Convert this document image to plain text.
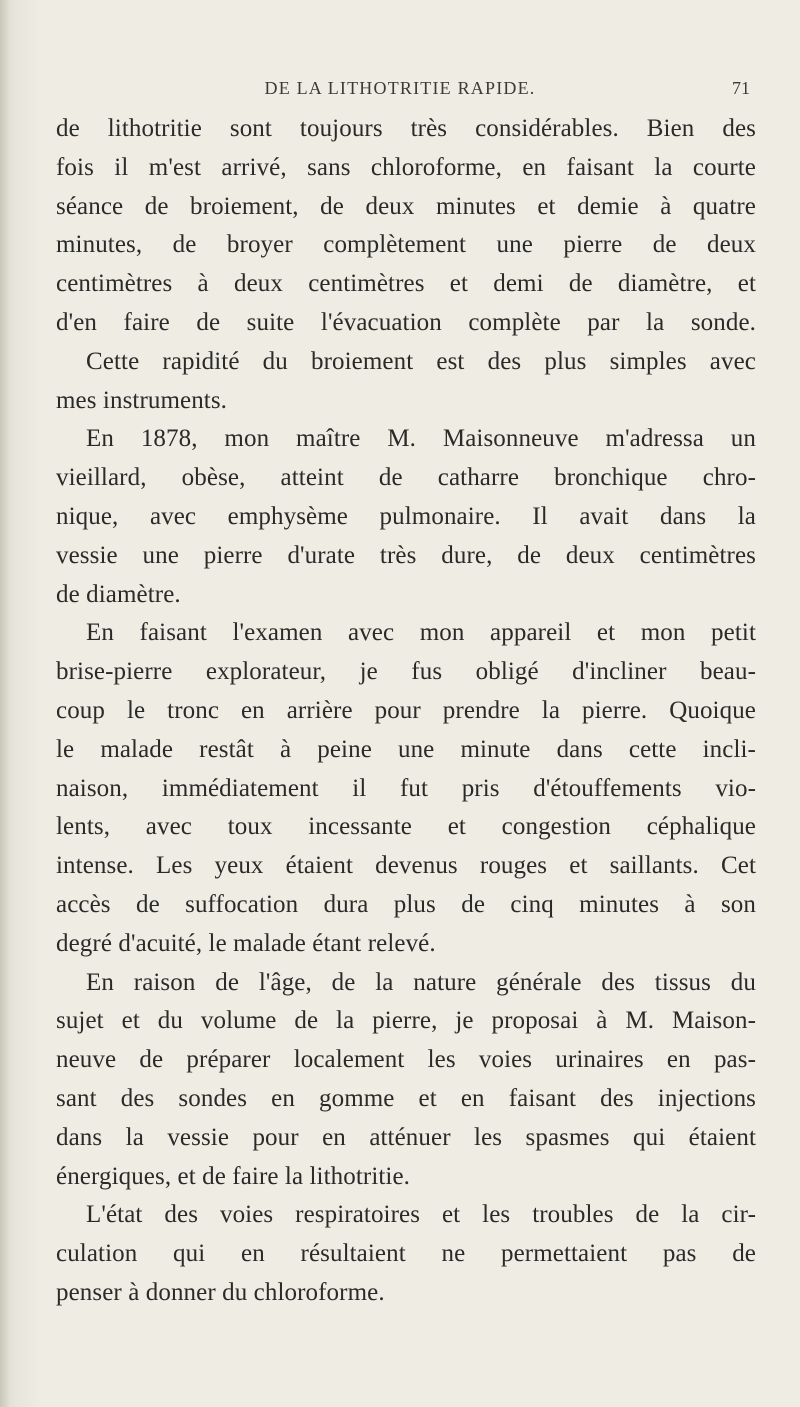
DE LA LITHOTRITIE RAPIDE.	71
de lithotritie sont toujours très considérables. Bien des
fois il m'est arrivé, sans chloroforme, en faisant la courte
séance de broiement, de deux minutes et demie à quatre
minutes, de broyer complètement une pierre de deux
centimètres à deux centimètres et demi de diamètre, et
d'en faire de suite l'évacuation complète par la sonde.
Cette rapidité du broiement est des plus simples avec
mes instruments.
En 1878, mon maître M. Maisonneuve m'adressa un
vieillard, obèse, atteint de catharre bronchique chro-
nique, avec emphysème pulmonaire. Il avait dans la
vessie une pierre d'urate très dure, de deux centimètres
de diamètre.
En faisant l'examen avec mon appareil et mon petit
brise-pierre explorateur, je fus obligé d'incliner beau-
coup le tronc en arrière pour prendre la pierre. Quoique
le malade restât à peine une minute dans cette incli-
naison, immédiatement il fut pris d'étouffements vio-
lents, avec toux incessante et congestion céphalique
intense. Les yeux étaient devenus rouges et saillants. Cet
accès de suffocation dura plus de cinq minutes à son
degré d'acuité, le malade étant relevé.
En raison de l'âge, de la nature générale des tissus du
sujet et du volume de la pierre, je proposai à M. Maison-
neuve de préparer localement les voies urinaires en pas-
sant des sondes en gomme et en faisant des injections
dans la vessie pour en atténuer les spasmes qui étaient
énergiques, et de faire la lithotritie.
L'état des voies respiratoires et les troubles de la cir-
culation qui en résultaient ne permettaient pas de
penser à donner du chloroforme.
